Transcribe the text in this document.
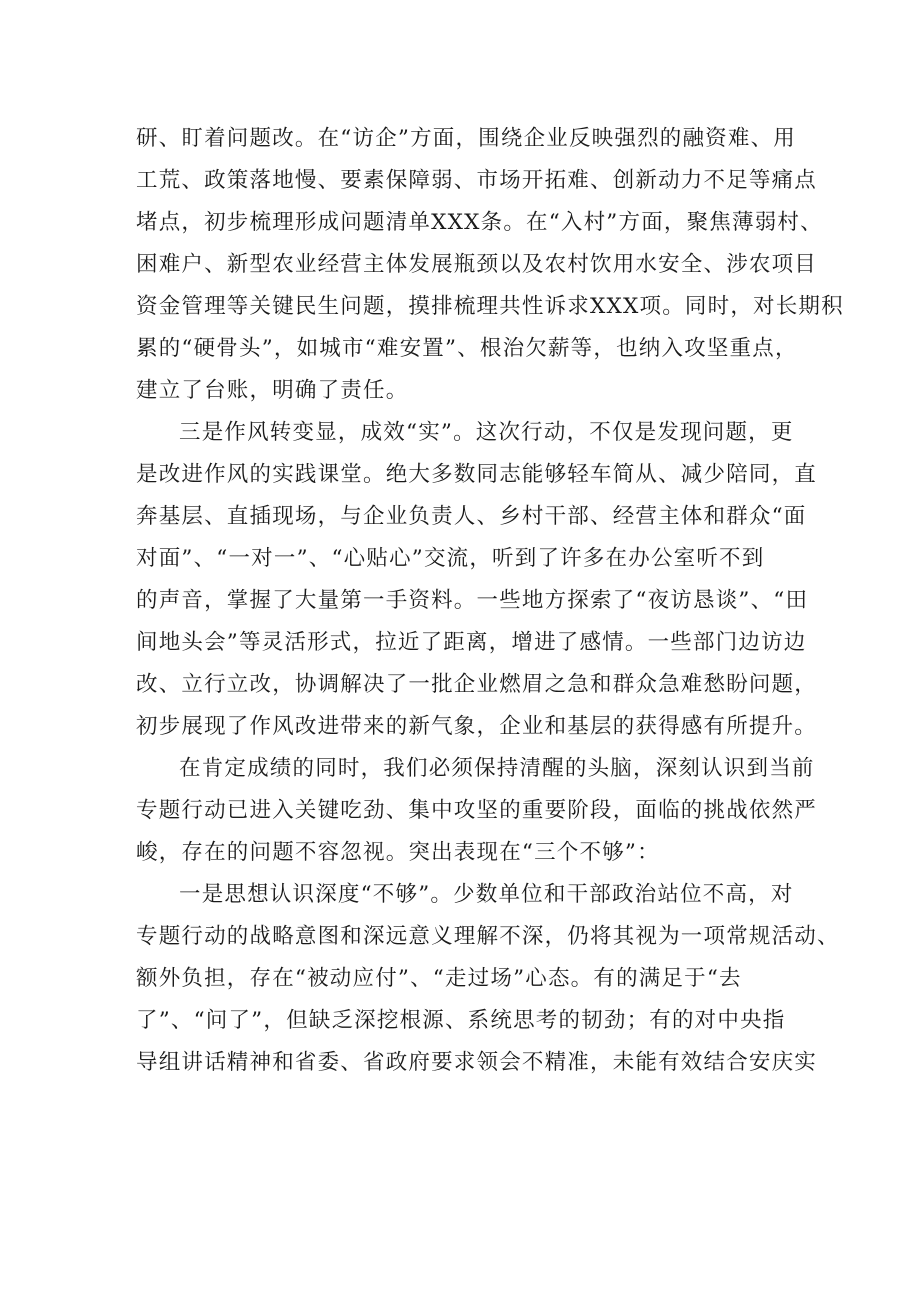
研、盯着问题改。在“访企”方面，围绕企业反映强烈的融资难、用
工荒、政策落地慢、要素保障弱、市场开拓难、创新动力不足等痛点
堵点，初步梳理形成问题清单XXX条。在“入村”方面，聚焦薄弱村、
困难户、新型农业经营主体发展瓶颈以及农村饮用水安全、涉农项目
资金管理等关键民生问题，摸排梳理共性诉求XXX项。同时，对长期积
累的“硬骨头”，如城市“难安置”、根治欠薪等，也纳入攻坚重点，
建立了台账，明确了责任。

三是作风转变显，成效“实”。这次行动，不仅是发现问题，更
是改进作风的实践课堂。绝大多数同志能够轻车简从、减少陪同，直
奔基层、直插现场，与企业负责人、乡村干部、经营主体和群众“面
对面”、“一对一”、“心贴心”交流，听到了许多在办公室听不到
的声音，掌握了大量第一手资料。一些地方探索了“夜访恳谈”、“田
间地头会”等灵活形式，拉近了距离，增进了感情。一些部门边访边
改、立行立改，协调解决了一批企业燃眉之急和群众急难愁盼问题，
初步展现了作风改进带来的新气象，企业和基层的获得感有所提升。

在肯定成绩的同时，我们必须保持清醒的头脑，深刻认识到当前
专题行动已进入关键吃劲、集中攻坚的重要阶段，面临的挑战依然严
峻，存在的问题不容忽视。突出表现在“三个不够”：

一是思想认识深度“不够”。少数单位和干部政治站位不高，对
专题行动的战略意图和深远意义理解不深，仍将其视为一项常规活动、
额外负担，存在“被动应付”、“走过场”心态。有的满足于“去
了”、“问了”，但缺乏深挖根源、系统思考的韧劲；有的对中央指
导组讲话精神和省委、省政府要求领会不精准，未能有效结合安庆实
